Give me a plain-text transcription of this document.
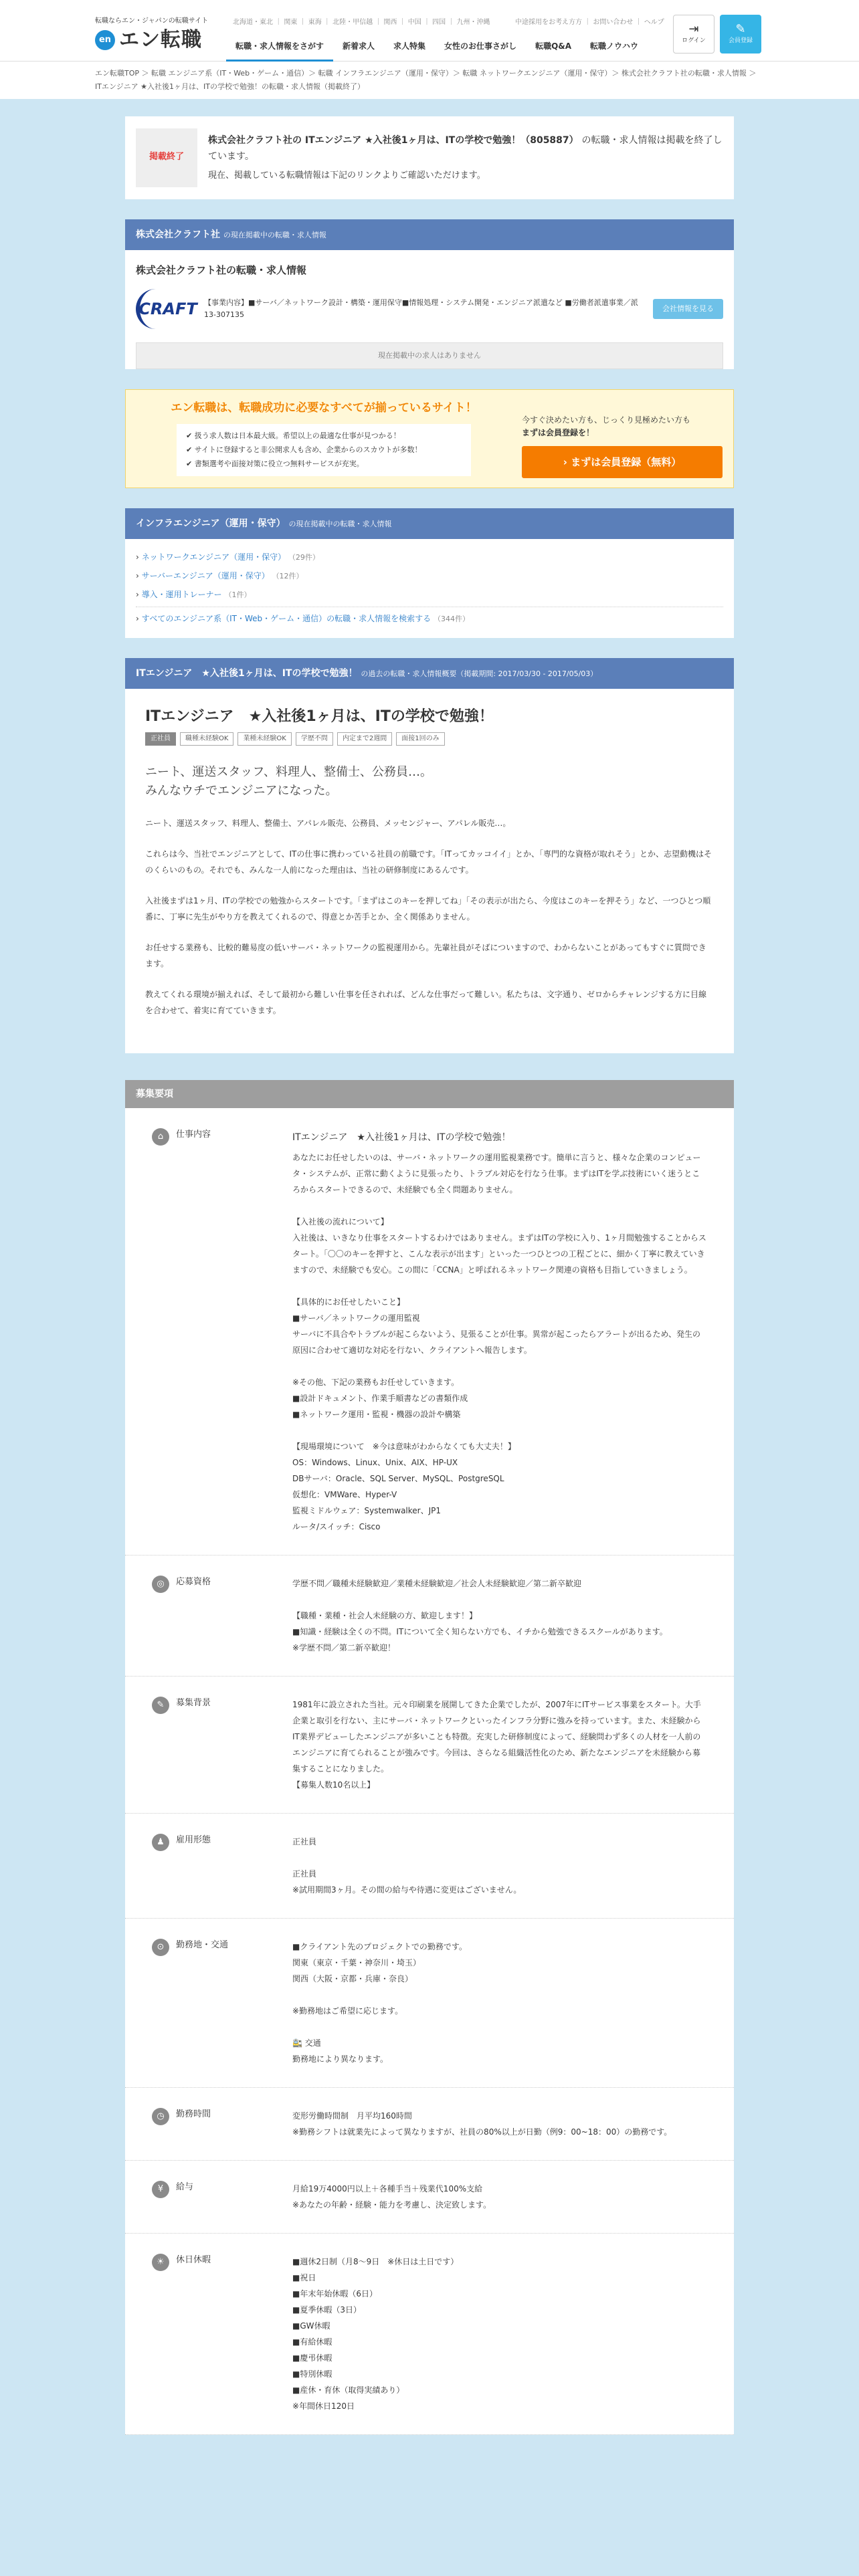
転職ならエン・ジャパンの転職サイト
en エン転職
北海道・東北 ｜ 関東 ｜ 東海 ｜ 北陸・甲信越 ｜ 関西 ｜ 中国 ｜ 四国 ｜ 九州・沖縄	中途採用をお考え方方 ｜ お問い合わせ ｜ ヘルプ
転職・求人情報をさがす	新着求人	求人特集	女性のお仕事さがし	転職Q&A	転職ノウハウ
⇥
ログイン
✎
会員登録
エン転職TOP ＞ 転職 エンジニア系（IT・Web・ゲーム・通信）＞ 転職 インフラエンジニア（運用・保守）＞ 転職 ネットワークエンジニア（運用・保守）＞ 株式会社クラフト社の転職・求人情報 ＞ ITエンジニア ★入社後1ヶ月は、ITの学校で勉強！の転職・求人情報（掲載終了）
掲載終了
株式会社クラフト社の ITエンジニア ★入社後1ヶ月は、ITの学校で勉強！（805887） の転職・求人情報は掲載を終了しています。
現在、掲載している転職情報は下記のリンクよりご確認いただけます。
株式会社クラフト社 の現在掲載中の転職・求人情報
株式会社クラフト社の転職・求人情報
CRAFT 【事業内容】■サーバ／ネットワーク設計・構築・運用保守■情報処理・システム開発・エンジニア派遣など ■労働者派遣事業／派13-307135
会社情報を見る
現在掲載中の求人はありません
エン転職は、転職成功に必要なすべてが揃っているサイト！
✔ 扱う求人数は日本最大級。希望以上の最適な仕事が見つかる！
✔ サイトに登録すると非公開求人も含め、企業からのスカウトが多数！
✔ 書類選考や面接対策に役立つ無料サービスが充実。
今すぐ決めたい方も、じっくり見極めたい方も
まずは会員登録を！
› まずは会員登録（無料）
インフラエンジニア（運用・保守） の現在掲載中の転職・求人情報
› ネットワークエンジニア（運用・保守） （29件）
› サーバーエンジニア（運用・保守） （12件）
› 導入・運用トレーナー （1件）
› すべてのエンジニア系（IT・Web・ゲーム・通信）の転職・求人情報を検索する （344件）
ITエンジニア　★入社後1ヶ月は、ITの学校で勉強！ の過去の転職・求人情報概要（掲載期間: 2017/03/30 - 2017/05/03）
ITエンジニア　★入社後1ヶ月は、ITの学校で勉強！
正社員	職種未経験OK	業種未経験OK	学歴不問	内定まで2週間	面接1回のみ
ニート、運送スタッフ、料理人、整備士、公務員…。
みんなウチでエンジニアになった。

ニート、運送スタッフ、料理人、整備士、アパレル販売、公務員、メッセンジャー、アパレル販売…。

これらは今、当社でエンジニアとして、ITの仕事に携わっている社員の前職です。「ITってカッコイイ」とか、「専門的な資格が取れそう」とか、志望動機はそのくらいのもの。それでも、みんな一人前になった理由は、当社の研修制度にあるんです。

入社後まずは1ヶ月、ITの学校での勉強からスタートです。「まずはこのキーを押してね」「その表示が出たら、今度はこのキーを押そう」など、一つひとつ順番に、丁寧に先生がやり方を教えてくれるので、得意とか苦手とか、全く関係ありません。

お任せする業務も、比較的難易度の低いサーバ・ネットワークの監視運用から。先輩社員がそばについますので、わからないことがあってもすぐに質問できます。

教えてくれる環境が揃えれば、そして最初から難しい仕事を任されれば、どんな仕事だって難しい。私たちは、文字通り、ゼロからチャレンジする方に目線を合わせて、着実に育てていきます。

募集要項
⌂	仕事内容	ITエンジニア　★入社後1ヶ月は、ITの学校で勉強！
あなたにお任せしたいのは、サーバ・ネットワークの運用監視業務です。簡単に言うと、様々な企業のコンピュータ・システムが、正常に動くように見張ったり、トラブル対応を行なう仕事。まずはITを学ぶ技術にいく迷うところからスタートできるので、未経験でも全く問題ありません。

【入社後の流れについて】
入社後は、いきなり仕事をスタートするわけではありません。まずはITの学校に入り、1ヶ月間勉強することからスタート。「〇〇のキーを押すと、こんな表示が出ます」といった一つひとつの工程ごとに、細かく丁寧に教えていきますので、未経験でも安心。この間に「CCNA」と呼ばれるネットワーク関連の資格も目指していきましょう。

【具体的にお任せしたいこと】
■サーバ／ネットワークの運用監視
サーバに不具合やトラブルが起こらないよう、見張ることが仕事。異常が起こったらアラートが出るため、発生の原因に合わせて適切な対応を行ない、クライアントへ報告します。

※その他、下記の業務もお任せしていきます。
■設計ドキュメント、作業手順書などの書類作成
■ネットワーク運用・監視・機器の設計や構築

【現場環境について　※今は意味がわからなくても大丈夫！】
OS：Windows、Linux、Unix、AIX、HP-UX
DBサーバ：Oracle、SQL Server、MySQL、PostgreSQL
仮想化：VMWare、Hyper-V
監視ミドルウェア：Systemwalker、JP1
ルータ/スイッチ：Cisco
◎	応募資格	学歴不問／職種未経験歓迎／業種未経験歓迎／社会人未経験歓迎／第二新卒歓迎

【職種・業種・社会人未経験の方、歓迎します！】
■知識・経験は全くの不問。ITについて全く知らない方でも、イチから勉強できるスクールがあります。
※学歴不問／第二新卒歓迎！
✎	募集背景	1981年に設立された当社。元々印刷業を展開してきた企業でしたが、2007年にITサービス事業をスタート。大手企業と取引を行ない、主にサーバ・ネットワークといったインフラ分野に強みを持っています。また、未経験からIT業界デビューしたエンジニアが多いことも特徴。充実した研修制度によって、経験問わず多くの人材を一人前のエンジニアに育てられることが強みです。今回は、さらなる組織活性化のため、新たなエンジニアを未経験から募集することになりました。
【募集人数10名以上】
♟	雇用形態	正社員

正社員
※試用期間3ヶ月。その間の給与や待遇に変更はございません。
⊙	勤務地・交通	■クライアント先のプロジェクトでの勤務です。
関東（東京・千葉・神奈川・埼玉）
関西（大阪・京都・兵庫・奈良）

※勤務地はご希望に応じます。

🚉 交通
勤務地により異なります。
◷	勤務時間	変形労働時間制　月平均160時間
※勤務シフトは就業先によって異なりますが、社員の80%以上が日勤（例9：00~18：00）の勤務です。
¥	給与	月給19万4000円以上＋各種手当＋残業代100%支給
※あなたの年齢・経験・能力を考慮し、決定致します。
☀	休日休暇	■週休2日制（月8～9日　※休日は土日です）
■祝日
■年末年始休暇（6日）
■夏季休暇（3日）
■GW休暇
■有給休暇
■慶弔休暇
■特別休暇
■産休・育休（取得実績あり）
※年間休日120日
